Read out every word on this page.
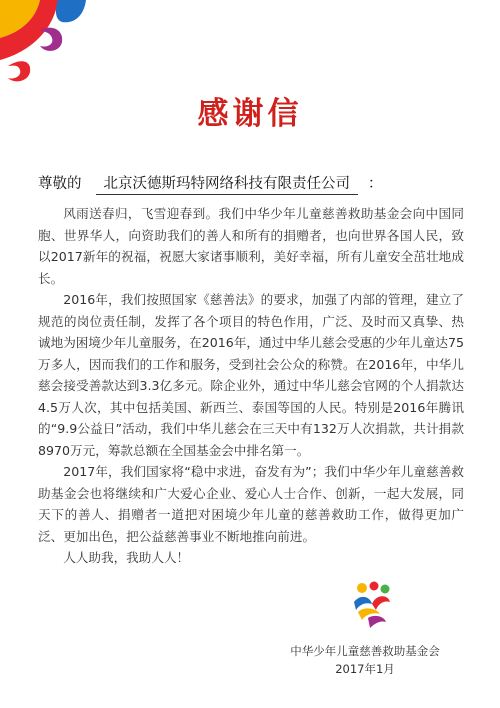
感谢信
尊敬的 北京沃德斯玛特网络科技有限责任公司 ：

风雨送春归，飞雪迎春到。我们中华少年儿童慈善救助基金会向中国同胞、世界华人，向资助我们的善人和所有的捐赠者，也向世界各国人民，致以2017新年的祝福，祝愿大家诸事顺利，美好幸福，所有儿童安全茁壮地成长。

2016年，我们按照国家《慈善法》的要求，加强了内部的管理，建立了规范的岗位责任制，发挥了各个项目的特色作用，广泛、及时而又真挚、热诚地为困境少年儿童服务，在2016年，通过中华儿慈会受惠的少年儿童达75万多人，因而我们的工作和服务，受到社会公众的称赞。在2016年，中华儿慈会接受善款达到3.3亿多元。除企业外，通过中华儿慈会官网的个人捐款达4.5万人次，其中包括美国、新西兰、泰国等国的人民。特别是2016年腾讯的“9.9公益日”活动，我们中华儿慈会在三天中有132万人次捐款，共计捐款8970万元，筹款总额在全国基金会中排名第一。

2017年，我们国家将“稳中求进，奋发有为”；我们中华少年儿童慈善救助基金会也将继续和广大爱心企业、爱心人士合作、创新，一起大发展，同天下的善人、捐赠者一道把对困境少年儿童的慈善救助工作，做得更加广泛、更加出色，把公益慈善事业不断地推向前进。

人人助我，我助人人！

中华少年儿童慈善救助基金会
2017年1月
